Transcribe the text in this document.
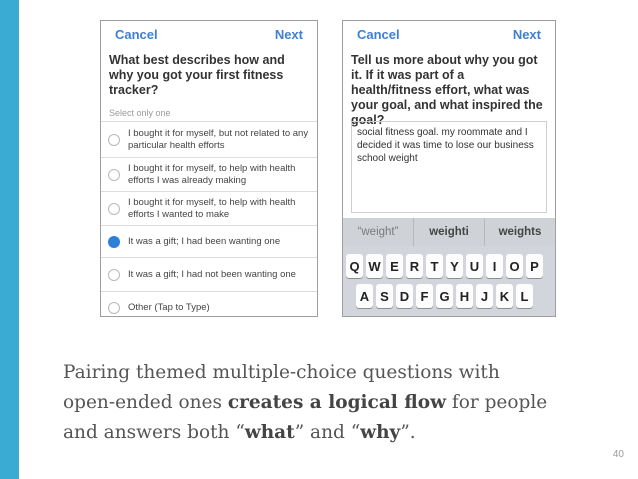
Cancel	Next
What best describes how and why you got your first fitness tracker?
Select only one
I bought it for myself, but not related to any particular health efforts
I bought it for myself, to help with health efforts I was already making
I bought it for myself, to help with health efforts I wanted to make
It was a gift; I had been wanting one
It was a gift; I had not been wanting one
Other (Tap to Type)
Cancel	Next
Tell us more about why you got it. If it was part of a health/fitness effort, what was your goal, and what inspired the goal?
social fitness goal. my roommate and I decided it was time to lose our business school weight
“weight”	weighti	weights
Q W E R T Y U	I	O P
A S D F G H J K L
Pairing themed multiple-choice questions with
open-ended ones creates a logical flow for people
and answers both “what” and “why”.
40
